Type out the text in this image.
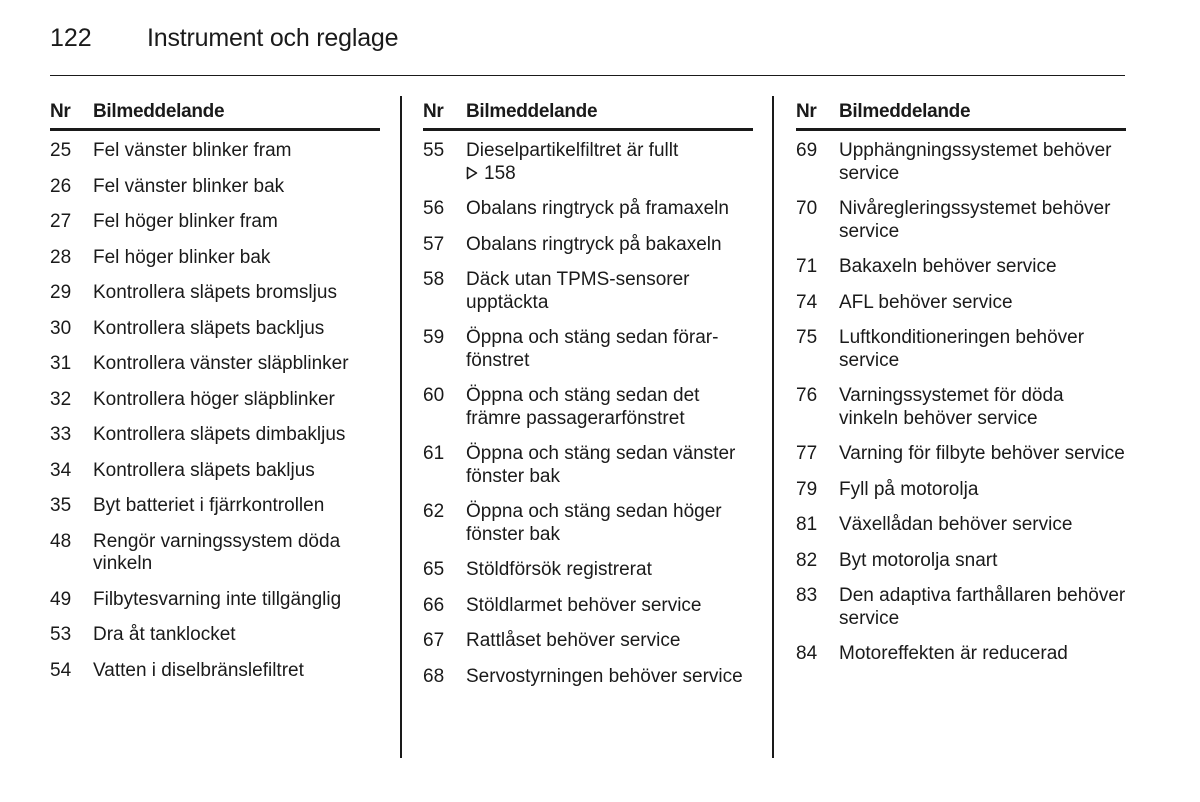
122	Instrument och reglage
Nr Bilmeddelande
25	Fel vänster blinker fram
26	Fel vänster blinker bak
27	Fel höger blinker fram
28	Fel höger blinker bak
29	Kontrollera släpets bromsljus
30	Kontrollera släpets backljus
31	Kontrollera vänster släpblinker
32	Kontrollera höger släpblinker
33	Kontrollera släpets dimbakljus
34	Kontrollera släpets bakljus
35	Byt batteriet i fjärrkontrollen
48	Rengör varningssystem döda vinkeln
49	Filbytesvarning inte tillgänglig
53	Dra åt tanklocket
54	Vatten i diselbränslefiltret
Nr Bilmeddelande
55	Dieselpartikelfiltret är fullt
158
56	Obalans ringtryck på framaxeln
57	Obalans ringtryck på bakaxeln
58	Däck utan TPMS-sensorer upptäckta
59	Öppna och stäng sedan förar-fönstret
60	Öppna och stäng sedan det främre passagerarfönstret
61	Öppna och stäng sedan vänster fönster bak
62	Öppna och stäng sedan höger fönster bak
65	Stöldförsök registrerat
66	Stöldlarmet behöver service
67	Rattlåset behöver service
68	Servostyrningen behöver service
Nr Bilmeddelande
69	Upphängningssystemet behöver service
70	Nivåregleringssystemet behöver service
71	Bakaxeln behöver service
74	AFL behöver service
75	Luftkonditioneringen behöver service
76	Varningssystemet för döda vinkeln behöver service
77	Varning för filbyte behöver service
79	Fyll på motorolja
81	Växellådan behöver service
82	Byt motorolja snart
83	Den adaptiva farthållaren behöver service
84	Motoreffekten är reducerad
